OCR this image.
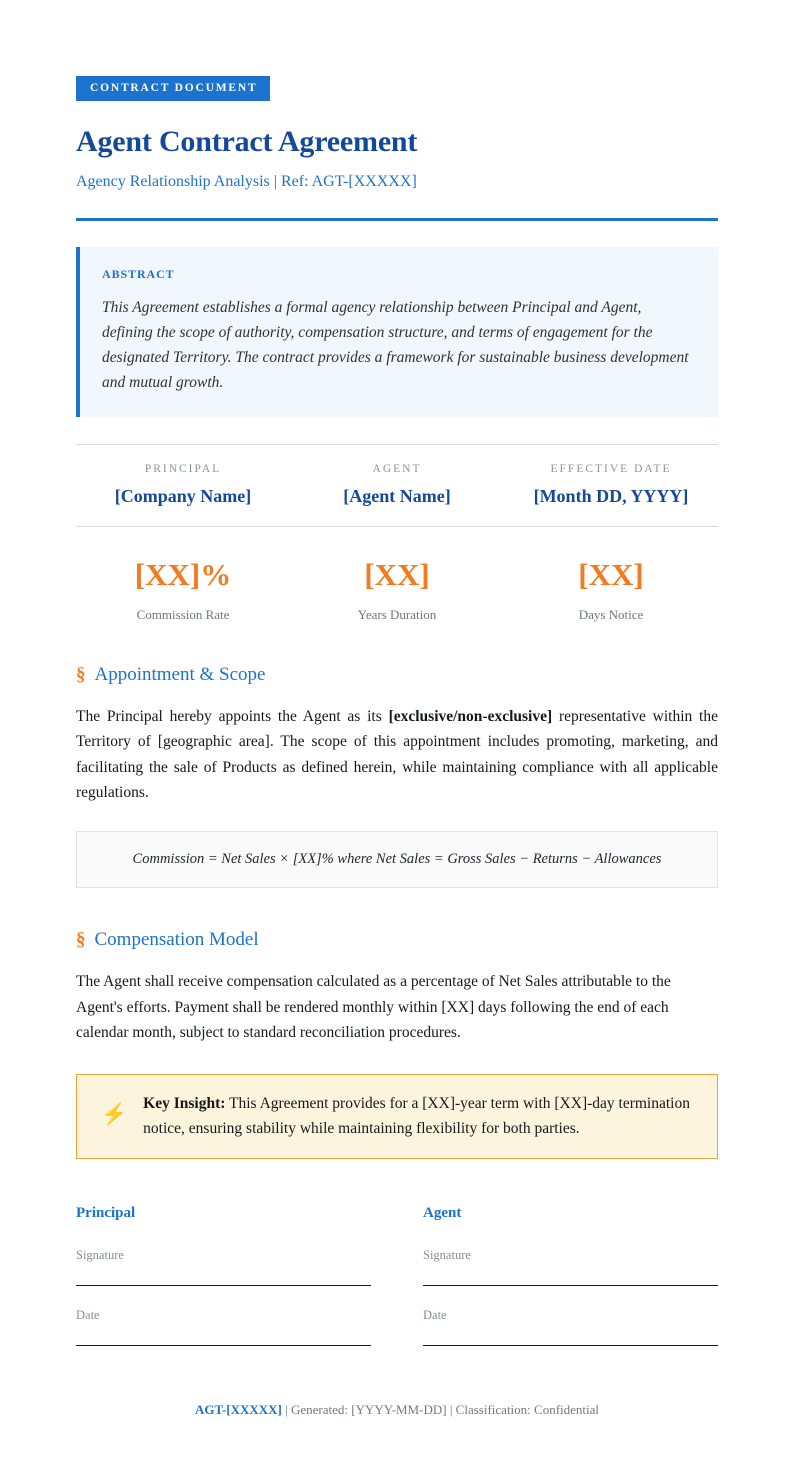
CONTRACT DOCUMENT
Agent Contract Agreement
Agency Relationship Analysis | Ref: AGT-[XXXXX]
ABSTRACT

This Agreement establishes a formal agency relationship between Principal and Agent, defining the scope of authority, compensation structure, and terms of engagement for the designated Territory. The contract provides a framework for sustainable business development and mutual growth.

PRINCIPAL
[Company Name]
AGENT
[Agent Name]
EFFECTIVE DATE
[Month DD, YYYY]
[XX]%
Commission Rate
[XX]
Years Duration
[XX]
Days Notice
§ Appointment & Scope

The Principal hereby appoints the Agent as its [exclusive/non-exclusive] representative within the Territory of [geographic area]. The scope of this appointment includes promoting, marketing, and facilitating the sale of Products as defined herein, while maintaining compliance with all applicable regulations.

Commission = Net Sales × [XX]% where Net Sales = Gross Sales − Returns − Allowances
§ Compensation Model

The Agent shall receive compensation calculated as a percentage of Net Sales attributable to the Agent's efforts. Payment shall be rendered monthly within [XX] days following the end of each calendar month, subject to standard reconciliation procedures.

⚡	Key Insight: This Agreement provides for a [XX]-year term with [XX]-day termination notice, ensuring stability while maintaining flexibility for both parties.
Principal
Signature
Date
Agent
Signature
Date
AGT-[XXXXX] | Generated: [YYYY-MM-DD] | Classification: Confidential
